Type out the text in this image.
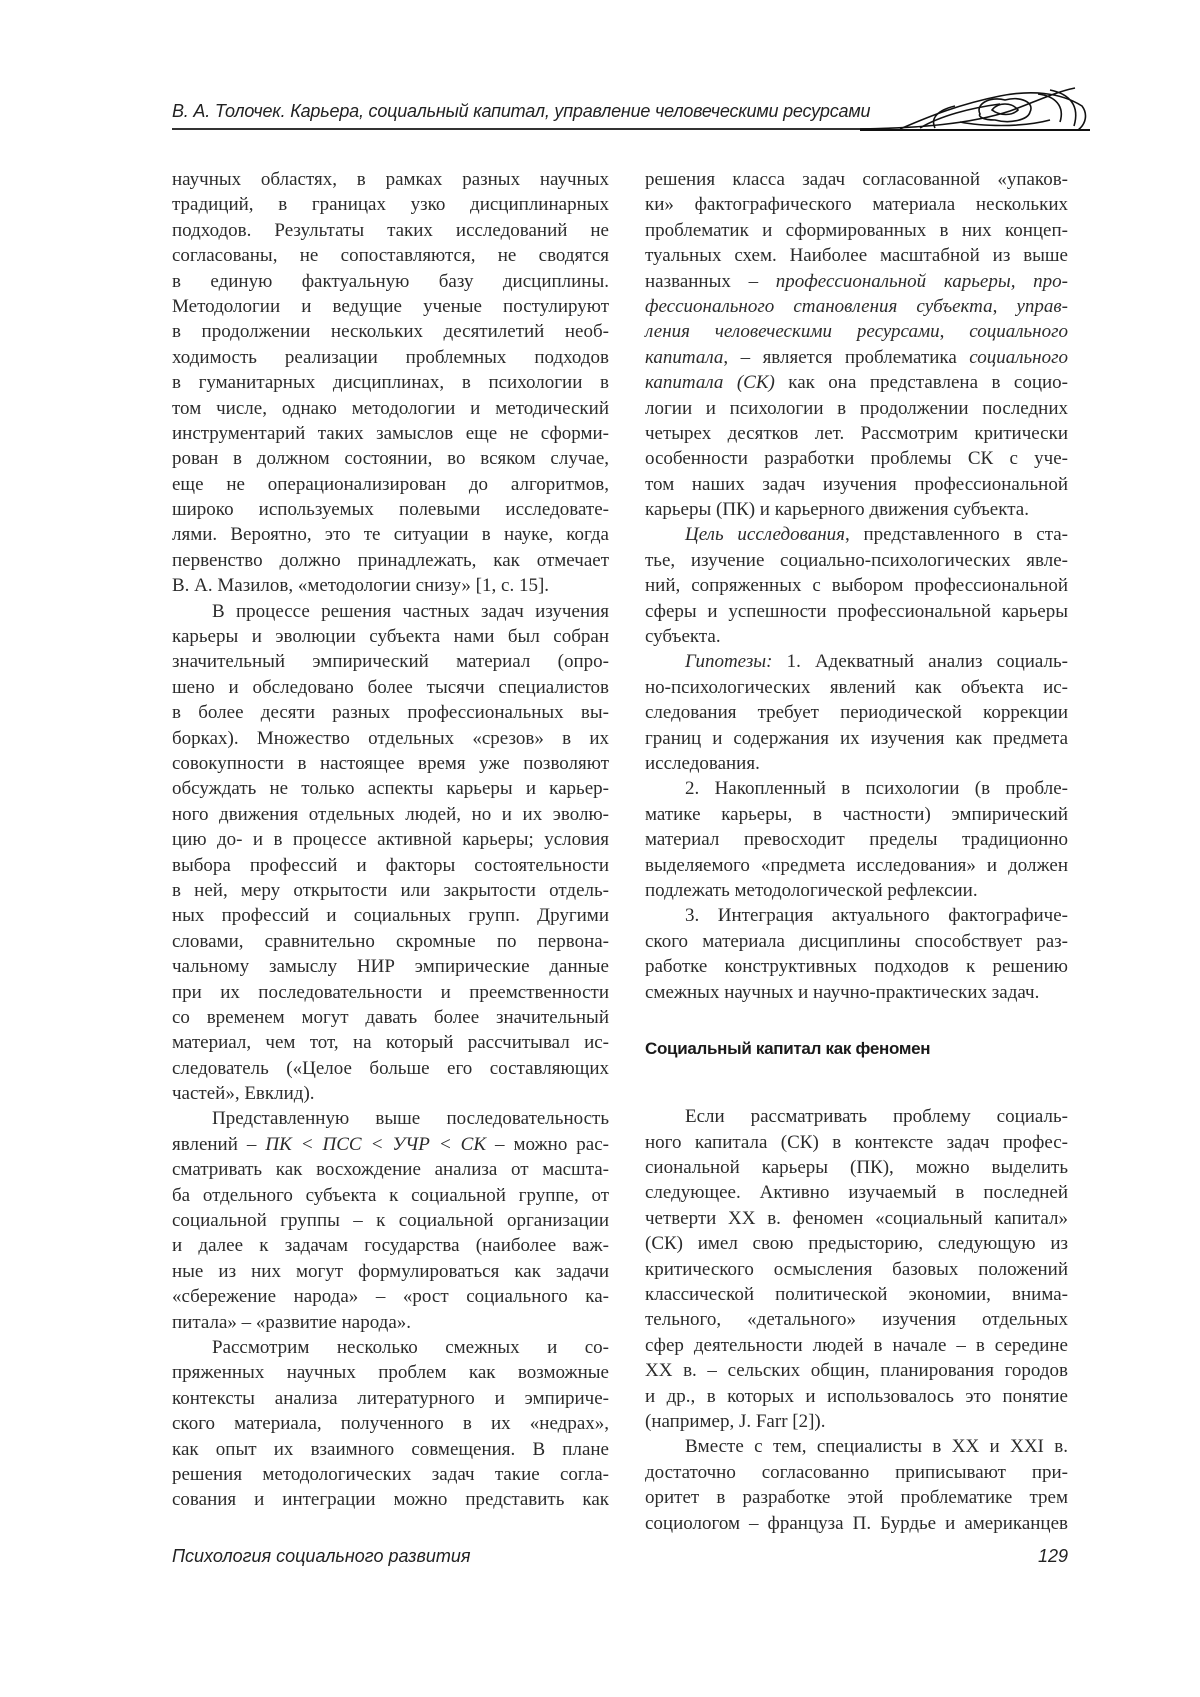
В. А. Толочек. Карьера, социальный капитал, управление человеческими ресурсами
научных областях, в рамках разных научных
традиций, в границах узко дисциплинарных
подходов. Результаты таких исследований не
согласованы, не сопоставляются, не сводятся
в единую фактуальную базу дисциплины.
Методологии и ведущие ученые постулируют
в продолжении нескольких десятилетий необ-
ходимость реализации проблемных подходов
в гуманитарных дисциплинах, в психологии в
том числе, однако методологии и методический
инструментарий таких замыслов еще не сформи-
рован в должном состоянии, во всяком случае,
еще не операционализирован до алгоритмов,
широко используемых полевыми исследовате-
лями. Вероятно, это те ситуации в науке, когда
первенство должно принадлежать, как отмечает
В. А. Мазилов, «методологии снизу» [1, с. 15].
В процессе решения частных задач изучения
карьеры и эволюции субъекта нами был собран
значительный эмпирический материал (опро-
шено и обследовано более тысячи специалистов
в более десяти разных профессиональных вы-
борках). Множество отдельных «срезов» в их
совокупности в настоящее время уже позволяют
обсуждать не только аспекты карьеры и карьер-
ного движения отдельных людей, но и их эволю-
цию до- и в процессе активной карьеры; условия
выбора профессий и факторы состоятельности
в ней, меру открытости или закрытости отдель-
ных профессий и социальных групп. Другими
словами, сравнительно скромные по первона-
чальному замыслу НИР эмпирические данные
при их последовательности и преемственности
со временем могут давать более значительный
материал, чем тот, на который рассчитывал ис-
следователь («Целое больше его составляющих
частей», Евклид).
Представленную выше последовательность
явлений – ПК < ПСС < УЧР < СК – можно рас-
сматривать как восхождение анализа от масшта-
ба отдельного субъекта к социальной группе, от
социальной группы – к социальной организации
и далее к задачам государства (наиболее важ-
ные из них могут формулироваться как задачи
«сбережение народа» – «рост социального ка-
питала» – «развитие народа».
Рассмотрим несколько смежных и со-
пряженных научных проблем как возможные
контексты анализа литературного и эмпириче-
ского материала, полученного в их «недрах»,
как опыт их взаимного совмещения. В плане
решения методологических задач такие согла-
сования и интеграции можно представить как
решения класса задач согласованной «упаков-
ки» фактографического материала нескольких
проблематик и сформированных в них концеп-
туальных схем. Наиболее масштабной из выше
названных – профессиональной карьеры, про-
фессионального становления субъекта, управ-
ления человеческими ресурсами, социального
капитала, – является проблематика социального
капитала (СК) как она представлена в социо-
логии и психологии в продолжении последних
четырех десятков лет. Рассмотрим критически
особенности разработки проблемы СК с уче-
том наших задач изучения профессиональной
карьеры (ПК) и карьерного движения субъекта.
Цель исследования, представленного в ста-
тье, изучение социально-психологических явле-
ний, сопряженных с выбором профессиональной
сферы и успешности профессиональной карьеры
субъекта.
Гипотезы: 1. Адекватный анализ социаль-
но-психологических явлений как объекта ис-
следования требует периодической коррекции
границ и содержания их изучения как предмета
исследования.
2. Накопленный в психологии (в пробле-
матике карьеры, в частности) эмпирический
материал превосходит пределы традиционно
выделяемого «предмета исследования» и должен
подлежать методологической рефлексии.
3. Интеграция актуального фактографиче-
ского материала дисциплины способствует раз-
работке конструктивных подходов к решению
смежных научных и научно-практических задач.
Социальный капитал как феномен
Если рассматривать проблему социаль-
ного капитала (СК) в контексте задач профес-
сиональной карьеры (ПК), можно выделить
следующее. Активно изучаемый в последней
четверти XX в. феномен «социальный капитал»
(СК) имел свою предысторию, следующую из
критического осмысления базовых положений
классической политической экономии, внима-
тельного, «детального» изучения отдельных
сфер деятельности людей в начале – в середине
XX в. – сельских общин, планирования городов
и др., в которых и использовалось это понятие
(например, J. Farr [2]).
Вместе с тем, специалисты в XX и XXI в.
достаточно согласованно приписывают при-
оритет в разработке этой проблематике трем
социологом – француза П. Бурдье и американцев
Психология социального развития	129
